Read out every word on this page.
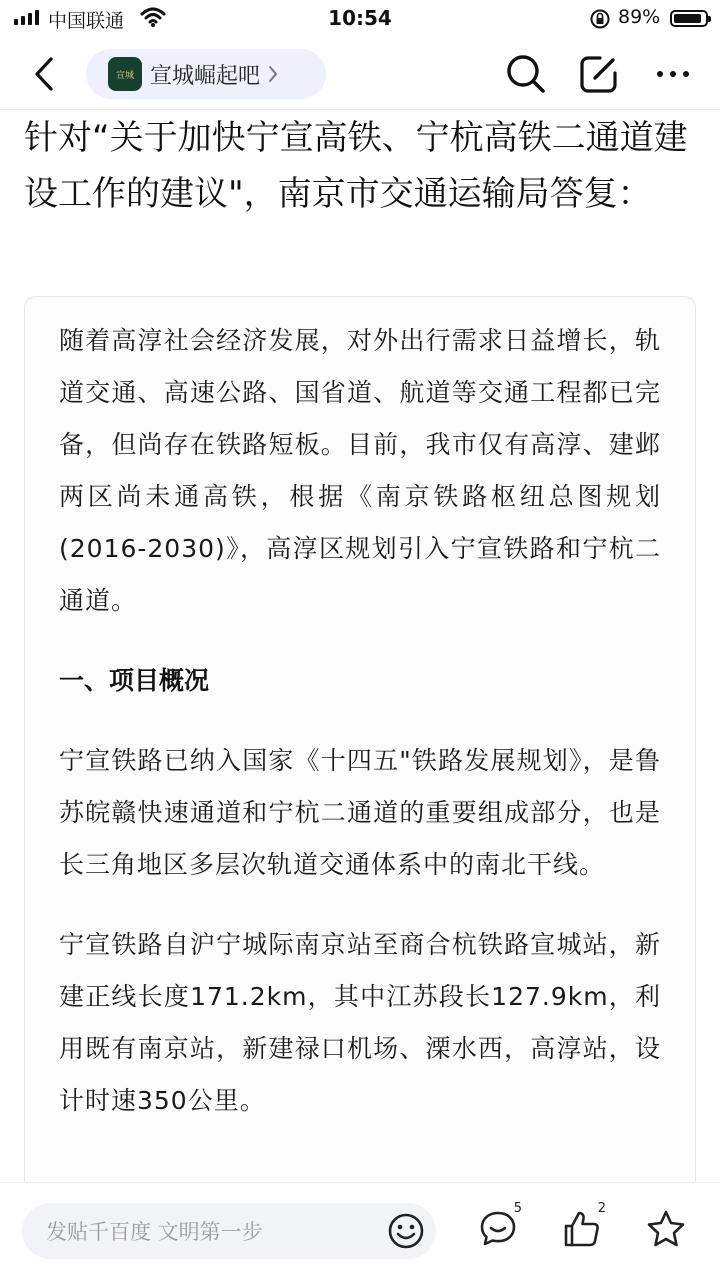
中国联通	10:54	89%
宣城 宣城崛起吧
针对“关于加快宁宣高铁、宁杭高铁二通道建设工作的建议"，南京市交通运输局答复：

随着高淳社会经济发展，对外出行需求日益增长，轨道交通、高速公路、国省道、航道等交通工程都已完备，但尚存在铁路短板。目前，我市仅有高淳、建邺两区尚未通高铁，根据《南京铁路枢纽总图规划(2016-2030)》，高淳区规划引入宁宣铁路和宁杭二通道。

一、项目概况

宁宣铁路已纳入国家《十四五"铁路发展规划》，是鲁苏皖赣快速通道和宁杭二通道的重要组成部分，也是长三角地区多层次轨道交通体系中的南北干线。

宁宣铁路自沪宁城际南京站至商合杭铁路宣城站，新建正线长度171.2km，其中江苏段长127.9km，利用既有南京站，新建禄口机场、溧水西，高淳站，设计时速350公里。

发贴千百度 文明第一步
5	2
